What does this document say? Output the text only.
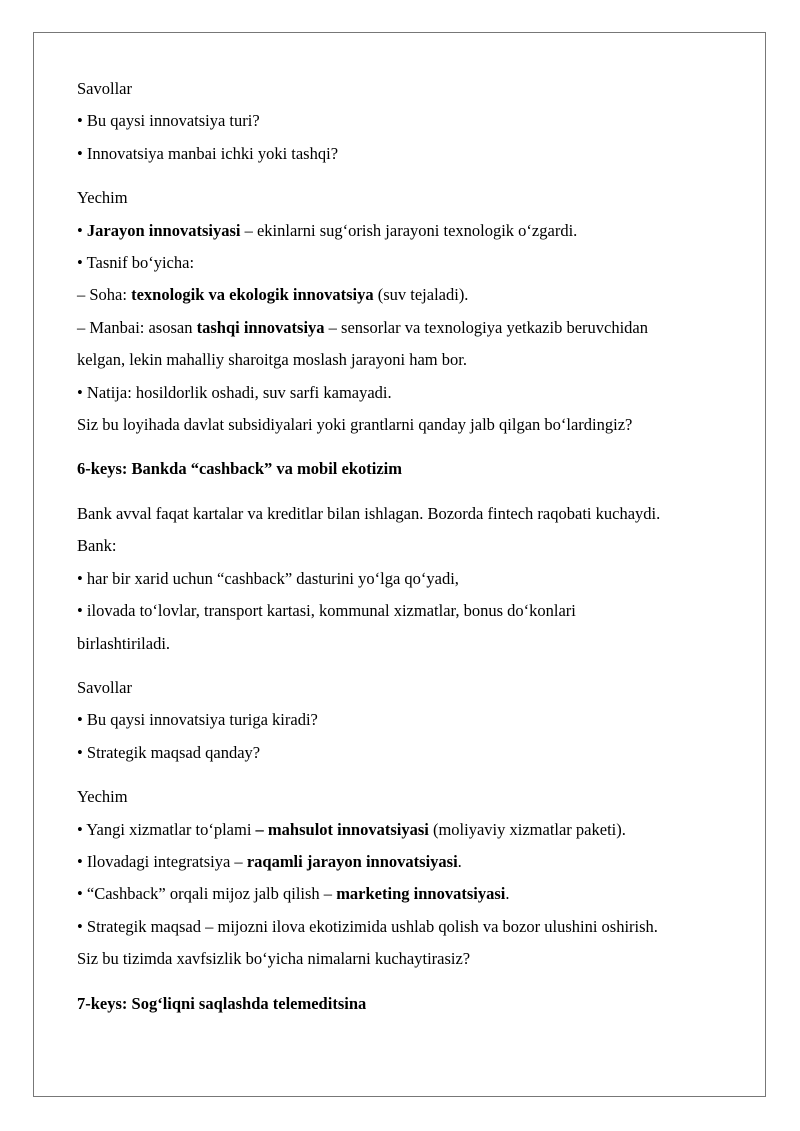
Savollar

• Bu qaysi innovatsiya turi?

• Innovatsiya manbai ichki yoki tashqi?

Yechim

• Jarayon innovatsiyasi – ekinlarni sug‘orish jarayoni texnologik o‘zgardi.

• Tasnif bo‘yicha:

– Soha: texnologik va ekologik innovatsiya (suv tejaladi).

– Manbai: asosan tashqi innovatsiya – sensorlar va texnologiya yetkazib beruvchidan

kelgan, lekin mahalliy sharoitga moslash jarayoni ham bor.

• Natija: hosildorlik oshadi, suv sarfi kamayadi.

Siz bu loyihada davlat subsidiyalari yoki grantlarni qanday jalb qilgan bo‘lardingiz?

6-keys: Bankda “cashback” va mobil ekotizim

Bank avval faqat kartalar va kreditlar bilan ishlagan. Bozorda fintech raqobati kuchaydi.

Bank:

• har bir xarid uchun “cashback” dasturini yo‘lga qo‘yadi,

• ilovada to‘lovlar, transport kartasi, kommunal xizmatlar, bonus do‘konlari

birlashtiriladi.

Savollar

• Bu qaysi innovatsiya turiga kiradi?

• Strategik maqsad qanday?

Yechim

• Yangi xizmatlar to‘plami – mahsulot innovatsiyasi (moliyaviy xizmatlar paketi).

• Ilovadagi integratsiya – raqamli jarayon innovatsiyasi.

• “Cashback” orqali mijoz jalb qilish – marketing innovatsiyasi.

• Strategik maqsad – mijozni ilova ekotizimida ushlab qolish va bozor ulushini oshirish.

Siz bu tizimda xavfsizlik bo‘yicha nimalarni kuchaytirasiz?

7-keys: Sog‘liqni saqlashda telemeditsina
